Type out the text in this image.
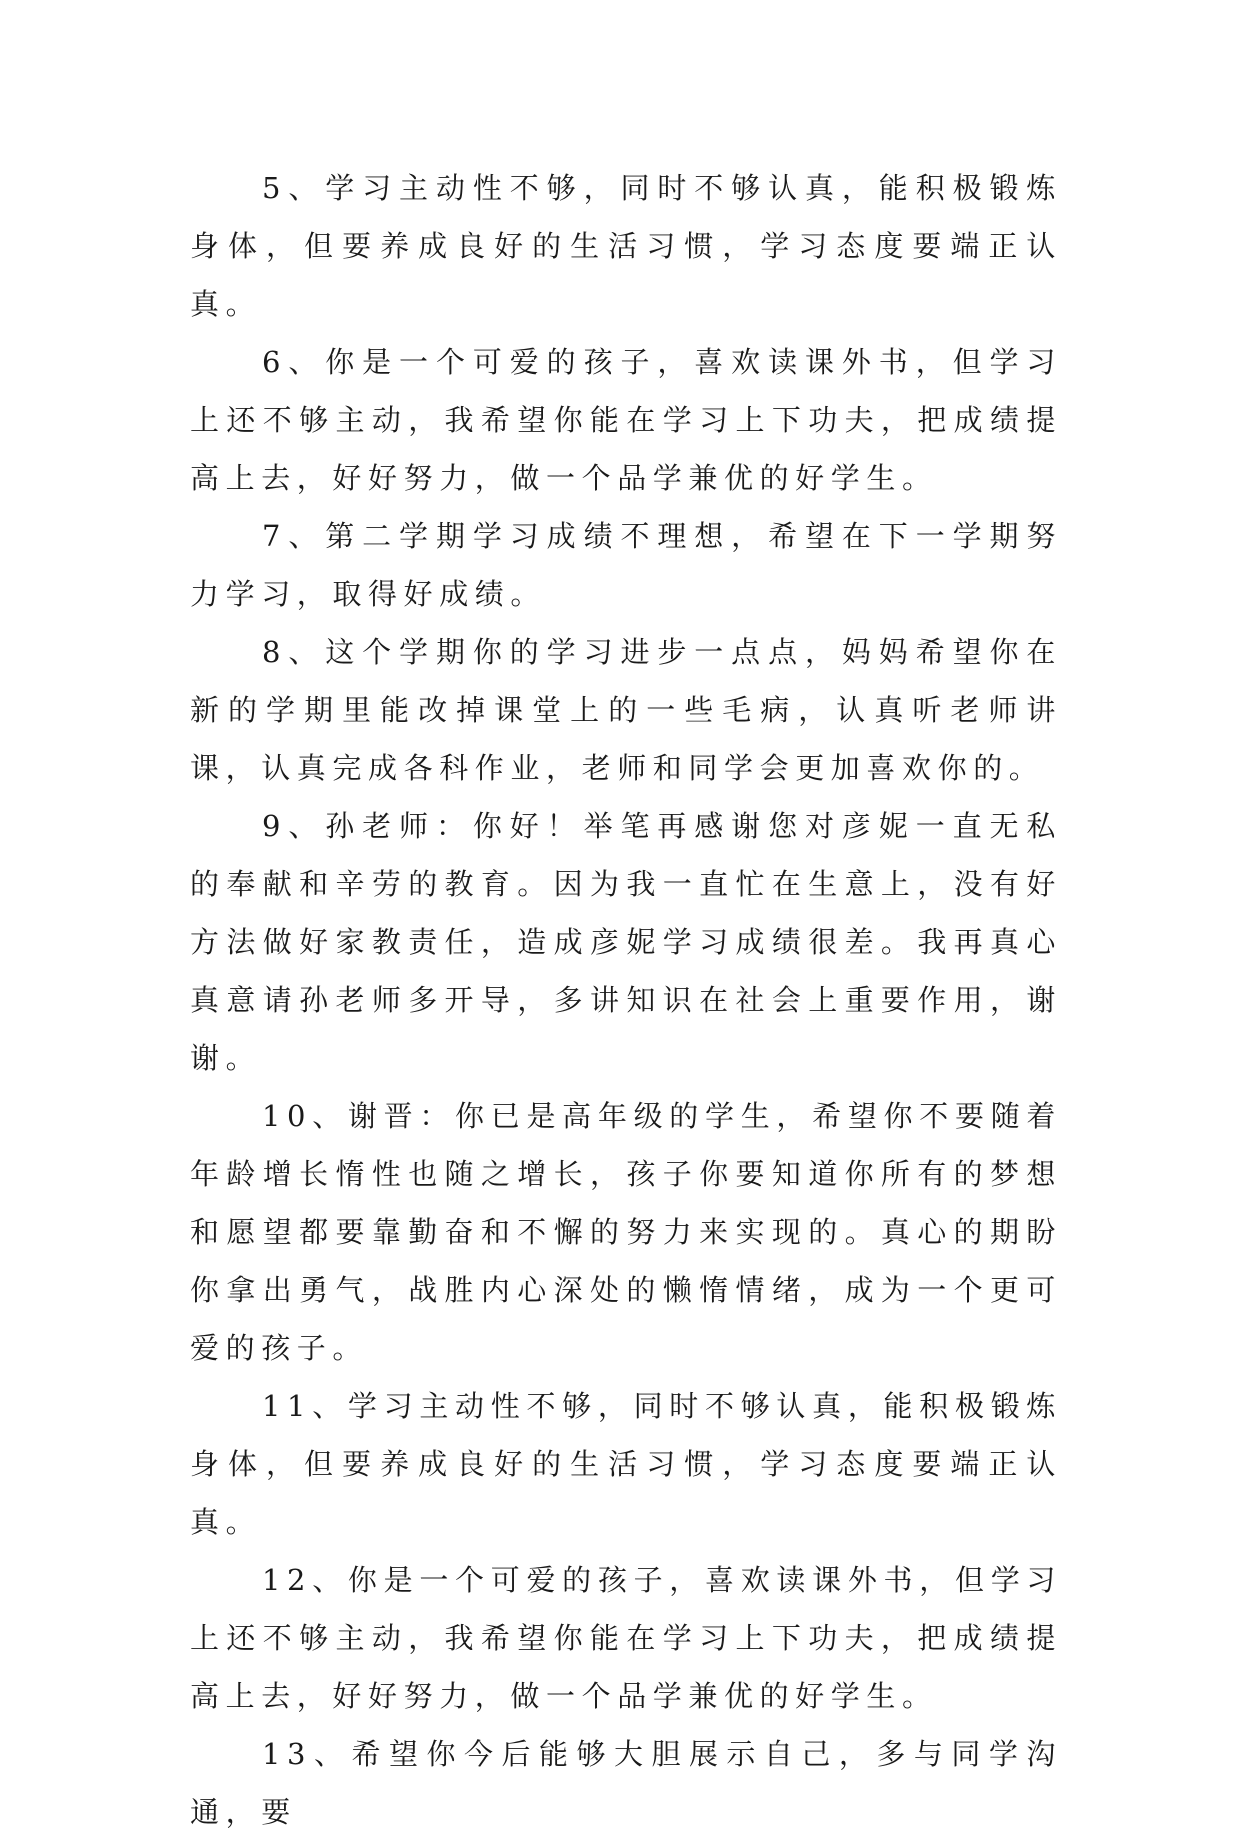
5、学习主动性不够，同时不够认真，能积极锻炼身体，但要养成良好的生活习惯，学习态度要端正认真。

6、你是一个可爱的孩子，喜欢读课外书，但学习上还不够主动，我希望你能在学习上下功夫，把成绩提高上去，好好努力，做一个品学兼优的好学生。

7、第二学期学习成绩不理想，希望在下一学期努力学习，取得好成绩。

8、这个学期你的学习进步一点点，妈妈希望你在新的学期里能改掉课堂上的一些毛病，认真听老师讲课，认真完成各科作业，老师和同学会更加喜欢你的。

9、孙老师：你好！举笔再感谢您对彦妮一直无私的奉献和辛劳的教育。因为我一直忙在生意上，没有好方法做好家教责任，造成彦妮学习成绩很差。我再真心真意请孙老师多开导，多讲知识在社会上重要作用，谢谢。

10、谢晋：你已是高年级的学生，希望你不要随着年龄增长惰性也随之增长，孩子你要知道你所有的梦想和愿望都要靠勤奋和不懈的努力来实现的。真心的期盼你拿出勇气，战胜内心深处的懒惰情绪，成为一个更可爱的孩子。

11、学习主动性不够，同时不够认真，能积极锻炼身体，但要养成良好的生活习惯，学习态度要端正认真。

12、你是一个可爱的孩子，喜欢读课外书，但学习上还不够主动，我希望你能在学习上下功夫，把成绩提高上去，好好努力，做一个品学兼优的好学生。

13、希望你今后能够大胆展示自己，多与同学沟通，要
